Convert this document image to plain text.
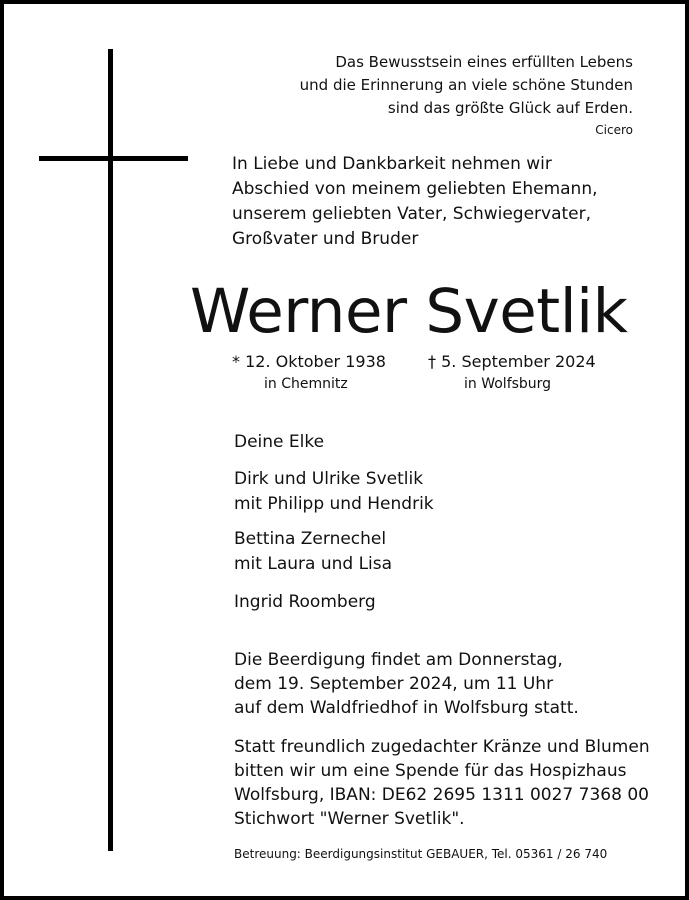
Das Bewusstsein eines erfüllten Lebens
und die Erinnerung an viele schöne Stunden
sind das größte Glück auf Erden.
Cicero
In Liebe und Dankbarkeit nehmen wir
Abschied von meinem geliebten Ehemann,
unserem geliebten Vater, Schwiegervater,
Großvater und Bruder
Werner Svetlik
* 12. Oktober 1938
in Chemnitz
† 5. September 2024
in Wolfsburg
Deine Elke
Dirk und Ulrike Svetlik
mit Philipp und Hendrik
Bettina Zernechel
mit Laura und Lisa
Ingrid Roomberg
Die Beerdigung findet am Donnerstag,
dem 19. September 2024, um 11 Uhr
auf dem Waldfriedhof in Wolfsburg statt.
Statt freundlich zugedachter Kränze und Blumen
bitten wir um eine Spende für das Hospizhaus
Wolfsburg, IBAN: DE62 2695 1311 0027 7368 00
Stichwort "Werner Svetlik".
Betreuung: Beerdigungsinstitut GEBAUER, Tel. 05361 / 26 740
